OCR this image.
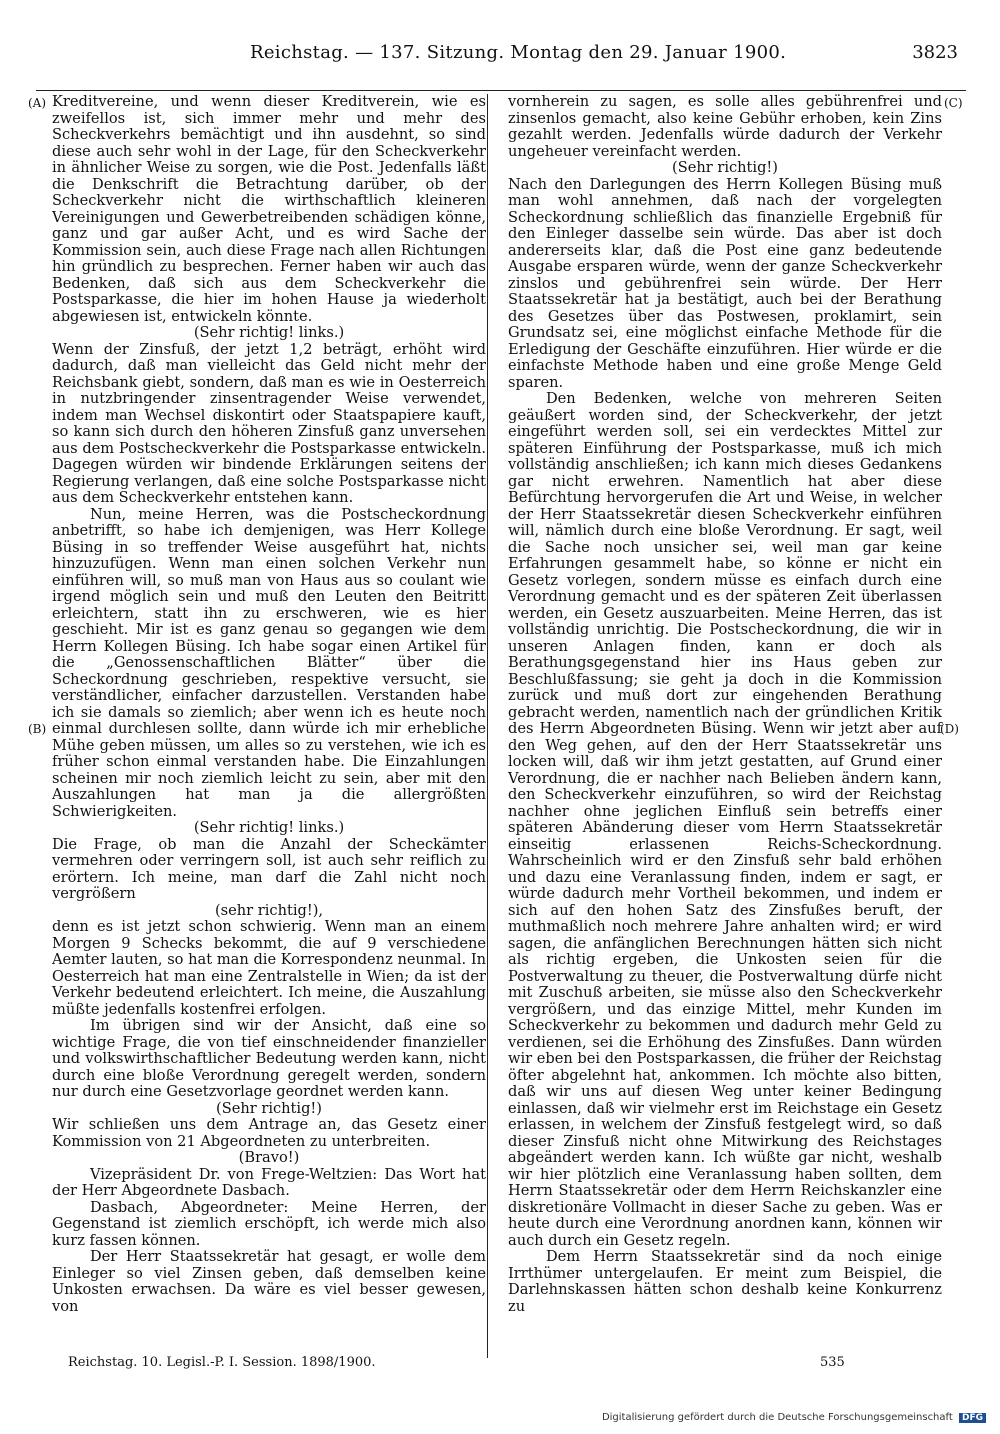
Reichstag. — 137. Sitzung. Montag den 29. Januar 1900.	3823
(A)
(B)
(C)
(D)

Kreditvereine, und wenn dieser Kreditverein, wie es zweifellos ist, sich immer mehr und mehr des Scheckverkehrs bemächtigt und ihn ausdehnt, so sind diese auch sehr wohl in der Lage, für den Scheckverkehr in ähnlicher Weise zu sorgen, wie die Post. Jedenfalls läßt die Denkschrift die Betrachtung darüber, ob der Scheckverkehr nicht die wirthschaftlich kleineren Vereinigungen und Gewerbetreibenden schädigen könne, ganz und gar außer Acht, und es wird Sache der Kommission sein, auch diese Frage nach allen Richtungen hin gründlich zu besprechen. Ferner haben wir auch das Bedenken, daß sich aus dem Scheckverkehr die Postsparkasse, die hier im hohen Hause ja wiederholt abgewiesen ist, entwickeln könnte.

(Sehr richtig! links.)

Wenn der Zinsfuß, der jetzt 1,2 beträgt, erhöht wird dadurch, daß man vielleicht das Geld nicht mehr der Reichsbank giebt, sondern, daß man es wie in Oesterreich in nutzbringender zinsentragender Weise verwendet, indem man Wechsel diskontirt oder Staatspapiere kauft, so kann sich durch den höheren Zinsfuß ganz unversehen aus dem Postscheckverkehr die Postsparkasse entwickeln. Dagegen würden wir bindende Erklärungen seitens der Regierung verlangen, daß eine solche Postsparkasse nicht aus dem Scheckverkehr entstehen kann.

Nun, meine Herren, was die Postscheckordnung anbetrifft, so habe ich demjenigen, was Herr Kollege Büsing in so treffender Weise ausgeführt hat, nichts hinzuzufügen. Wenn man einen solchen Verkehr nun einführen will, so muß man von Haus aus so coulant wie irgend möglich sein und muß den Leuten den Beitritt erleichtern, statt ihn zu erschweren, wie es hier geschieht. Mir ist es ganz genau so gegangen wie dem Herrn Kollegen Büsing. Ich habe sogar einen Artikel für die „Genossenschaftlichen Blätter“ über die Scheckordnung geschrieben, respektive versucht, sie verständlicher, einfacher darzustellen. Verstanden habe ich sie damals so ziemlich; aber wenn ich es heute noch einmal durchlesen sollte, dann würde ich mir erhebliche Mühe geben müssen, um alles so zu verstehen, wie ich es früher schon einmal verstanden habe. Die Einzahlungen scheinen mir noch ziemlich leicht zu sein, aber mit den Auszahlungen hat man ja die allergrößten Schwierigkeiten.

(Sehr richtig! links.)

Die Frage, ob man die Anzahl der Scheckämter vermehren oder verringern soll, ist auch sehr reiflich zu erörtern. Ich meine, man darf die Zahl nicht noch vergrößern

(sehr richtig!),

denn es ist jetzt schon schwierig. Wenn man an einem Morgen 9 Schecks bekommt, die auf 9 verschiedene Aemter lauten, so hat man die Korrespondenz neunmal. In Oesterreich hat man eine Zentralstelle in Wien; da ist der Verkehr bedeutend erleichtert. Ich meine, die Auszahlung müßte jedenfalls kostenfrei erfolgen.

Im übrigen sind wir der Ansicht, daß eine so wichtige Frage, die von tief einschneidender finanzieller und volkswirthschaftlicher Bedeutung werden kann, nicht durch eine bloße Verordnung geregelt werden, sondern nur durch eine Gesetzvorlage geordnet werden kann.

(Sehr richtig!)

Wir schließen uns dem Antrage an, das Gesetz einer Kommission von 21 Abgeordneten zu unterbreiten.

(Bravo!)

Vizepräsident Dr. von Frege-Weltzien: Das Wort hat der Herr Abgeordnete Dasbach.

Dasbach, Abgeordneter: Meine Herren, der Gegenstand ist ziemlich erschöpft, ich werde mich also kurz fassen können.

Der Herr Staatssekretär hat gesagt, er wolle dem Einleger so viel Zinsen geben, daß demselben keine Unkosten erwachsen. Da wäre es viel besser gewesen, von

vornherein zu sagen, es solle alles gebührenfrei und zinsenlos gemacht, also keine Gebühr erhoben, kein Zins gezahlt werden. Jedenfalls würde dadurch der Verkehr ungeheuer vereinfacht werden.

(Sehr richtig!)

Nach den Darlegungen des Herrn Kollegen Büsing muß man wohl annehmen, daß nach der vorgelegten Scheckordnung schließlich das finanzielle Ergebniß für den Einleger dasselbe sein würde. Das aber ist doch andererseits klar, daß die Post eine ganz bedeutende Ausgabe ersparen würde, wenn der ganze Scheckverkehr zinslos und gebührenfrei sein würde. Der Herr Staatssekretär hat ja bestätigt, auch bei der Berathung des Gesetzes über das Postwesen, proklamirt, sein Grundsatz sei, eine möglichst einfache Methode für die Erledigung der Geschäfte einzuführen. Hier würde er die einfachste Methode haben und eine große Menge Geld sparen.

Den Bedenken, welche von mehreren Seiten geäußert worden sind, der Scheckverkehr, der jetzt eingeführt werden soll, sei ein verdecktes Mittel zur späteren Einführung der Postsparkasse, muß ich mich vollständig anschließen; ich kann mich dieses Gedankens gar nicht erwehren. Namentlich hat aber diese Befürchtung hervorgerufen die Art und Weise, in welcher der Herr Staatssekretär diesen Scheckverkehr einführen will, nämlich durch eine bloße Verordnung. Er sagt, weil die Sache noch unsicher sei, weil man gar keine Erfahrungen gesammelt habe, so könne er nicht ein Gesetz vorlegen, sondern müsse es einfach durch eine Verordnung gemacht und es der späteren Zeit überlassen werden, ein Gesetz auszuarbeiten. Meine Herren, das ist vollständig unrichtig. Die Postscheckordnung, die wir in unseren Anlagen finden, kann er doch als Berathungsgegenstand hier ins Haus geben zur Beschlußfassung; sie geht ja doch in die Kommission zurück und muß dort zur eingehenden Berathung gebracht werden, namentlich nach der gründlichen Kritik des Herrn Abgeordneten Büsing. Wenn wir jetzt aber auf den Weg gehen, auf den der Herr Staatssekretär uns locken will, daß wir ihm jetzt gestatten, auf Grund einer Verordnung, die er nachher nach Belieben ändern kann, den Scheckverkehr einzuführen, so wird der Reichstag nachher ohne jeglichen Einfluß sein betreffs einer späteren Abänderung dieser vom Herrn Staatssekretär einseitig erlassenen Reichs-Scheckordnung. Wahrscheinlich wird er den Zinsfuß sehr bald erhöhen und dazu eine Veranlassung finden, indem er sagt, er würde dadurch mehr Vortheil bekommen, und indem er sich auf den hohen Satz des Zinsfußes beruft, der muthmaßlich noch mehrere Jahre anhalten wird; er wird sagen, die anfänglichen Berechnungen hätten sich nicht als richtig ergeben, die Unkosten seien für die Postverwaltung zu theuer, die Postverwaltung dürfe nicht mit Zuschuß arbeiten, sie müsse also den Scheckverkehr vergrößern, und das einzige Mittel, mehr Kunden im Scheckverkehr zu bekommen und dadurch mehr Geld zu verdienen, sei die Erhöhung des Zinsfußes. Dann würden wir eben bei den Postsparkassen, die früher der Reichstag öfter abgelehnt hat, ankommen. Ich möchte also bitten, daß wir uns auf diesen Weg unter keiner Bedingung einlassen, daß wir vielmehr erst im Reichstage ein Gesetz erlassen, in welchem der Zinsfuß festgelegt wird, so daß dieser Zinsfuß nicht ohne Mitwirkung des Reichstages abgeändert werden kann. Ich wüßte gar nicht, weshalb wir hier plötzlich eine Veranlassung haben sollten, dem Herrn Staatssekretär oder dem Herrn Reichskanzler eine diskretionäre Vollmacht in dieser Sache zu geben. Was er heute durch eine Verordnung anordnen kann, können wir auch durch ein Gesetz regeln.

Dem Herrn Staatssekretär sind da noch einige Irrthümer untergelaufen. Er meint zum Beispiel, die Darlehnskassen hätten schon deshalb keine Konkurrenz zu

Reichstag. 10. Legisl.-P. I. Session. 1898/1900.	535
Digitalisierung gefördert durch die Deutsche Forschungsgemeinschaft DFG
